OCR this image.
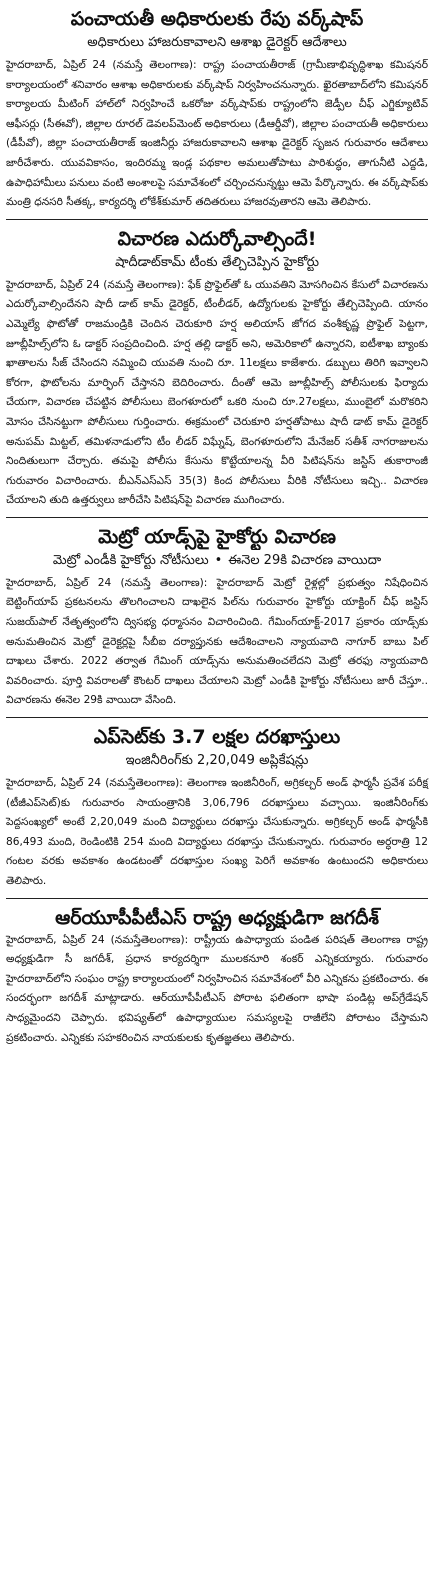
పంచాయతీ అధికారులకు రేపు వర్క్‌షాప్
అధికారులు హాజరుకావాలని ఆశాఖ డైరెక్టర్ ఆదేశాలు

హైదరాబాద్, ఏప్రిల్ 24 (నమస్తే తెలంగాణ): రాష్ట్ర పంచాయతీరాజ్ (గ్రామీణాభివృద్ధిశాఖ కమిషనర్ కార్యాలయంలో శనివారం ఆశాఖ అధికారులకు వర్క్‌షాప్ నిర్వహించనున్నారు. ఖైరతాబాద్‌లోని కమిషనర్ కార్యాలయ మీటింగ్ హాల్‌లో నిర్వహించే ఒకరోజు వర్క్‌షాప్‌కు రాష్ట్రంలోని జెడ్పీల చీఫ్ ఎగ్జిక్యూటివ్ ఆఫీసర్లు (సీఈవో), జిల్లాల రూరల్ డెవలప్‌మెంట్ అధికారులు (డీఆర్డీవో), జిల్లాల పంచాయతీ అధికారులు (డీపీవో), జిల్లా పంచాయతీరాజ్ ఇంజినీర్లు హాజరుకావాలని ఆశాఖ డైరెక్టర్ సృజన గురువారం ఆదేశాలు జారీచేశారు. యువవికాసం, ఇందిరమ్మ ఇండ్ల పథకాల అమలుతోపాటు పారిశుద్ధం, తాగునీటి ఎద్దడి, ఉపాధిహామీలు పనులు వంటి అంశాలపై సమావేశంలో చర్చించనున్నట్టు ఆమె పేర్కొన్నారు. ఈ వర్క్‌షాప్‌కు మంత్రి ధనసరి సీతక్క, కార్యదర్శి లోకేశ్‌కుమార్ తదితరులు హాజరవుతారని ఆమె తెలిపారు.

విచారణ ఎదుర్కోవాల్సిందే!
షాదీడాట్‌కామ్ టీంకు తేల్చిచెప్పిన హైకోర్టు

హైదరాబాద్, ఏప్రిల్ 24 (నమస్తే తెలంగాణ): ఫేక్ ప్రొఫైల్‌తో ఓ యువతిని మోసగించిన కేసులో విచారణను ఎదుర్కోవాల్సిందేనని షాదీ డాట్ కామ్ డైరెక్టర్, టీంలీడర్, ఉద్యోగులకు హైకోర్టు తేల్చిచెప్పింది. యానం ఎమ్మెల్యే ఫొటోతో రాజమండ్రికి చెందిన చెరుకూరి హర్ష అలియాస్ జోగద వంశీకృష్ణ ప్రొఫైల్ పెట్టగా, జూబ్లీహిల్స్‌లోని ఓ డాక్టర్ సంప్రదించింది. హర్ష తల్లి డాక్టర్ అని, అమెరికాలో ఉన్నారని, ఐటీశాఖ బ్యాంకు ఖాతాలను సీజ్ చేసిందని నమ్మించి యువతి నుంచి రూ. 11లక్షలు కాజేశారు. డబ్బులు తిరిగి ఇవ్వాలని కోరగా, ఫొటోలను మార్ఫింగ్ చేస్తానని బెదిరించారు. దీంతో ఆమె జూబ్లీహిల్స్ పోలీసులకు ఫిర్యాదు చేయగా, విచారణ చేపట్టిన పోలీసులు బెంగళూరులో ఒకరి నుంచి రూ.27లక్షలు, ముంబైలో మరొకరిని మోసం చేసినట్టుగా పోలీసులు గుర్తించారు. ఈక్రమంలో చెరుకూరి హర్షతోపాటు షాదీ డాట్ కామ్ డైరెక్టర్ అనుపమ్ మిట్టల్, తమిళనాడులోని టీం లీడర్ విఘ్నేష్, బెంగళూరులోని మేనేజర్ సతీశ్ నాగరాజులను నిందితులుగా చేర్చారు. తమపై పోలీసు కేసును కొట్టేయాలన్న వీరి పిటిషన్‌ను జస్టిస్ తుకారాంజీ గురువారం విచారించారు. బీఎన్ఎస్ఎస్ 35(3) కింద పోలీసులు వీరికి నోటీసులు ఇచ్చి.. విచారణ చేయాలని తుది ఉత్తర్వులు జారీచేసి పిటిషన్‌పై విచారణ ముగించారు.

మెట్రో యాడ్స్‌పై హైకోర్టు విచారణ
మెట్రో ఎండీకి హైకోర్టు నోటీసులు • ఈనెల 29కి విచారణ వాయిదా

హైదరాబాద్, ఏప్రిల్ 24 (నమస్తే తెలంగాణ): హైదరాబాద్ మెట్రో రైళ్లల్లో ప్రభుత్వం నిషేధించిన బెట్టింగ్‌యాప్ ప్రకటనలను తొలగించాలని దాఖలైన పిల్‌ను గురువారం హైకోర్టు యాక్టింగ్ చీఫ్ జస్టిస్ సుజయ్‌పాల్ నేతృత్వంలోని ద్విసభ్య ధర్మాసనం విచారించింది. గేమింగ్‌యాక్ట్-2017 ప్రకారం యాడ్స్‌కు అనుమతించిన మెట్రో డైరెక్టర్లపై సీబీఐ దర్యాప్తునకు ఆదేశించాలని న్యాయవాది నాగూర్ బాబు పిల్ దాఖలు చేశారు. 2022 తర్వాత గేమింగ్ యాడ్స్‌ను అనుమతించలేదని మెట్రో తరఫు న్యాయవాది వివరించారు. పూర్తి వివరాలతో కౌంటర్ దాఖలు చేయాలని మెట్రో ఎండీకి హైకోర్టు నోటీసులు జారీ చేస్తూ.. విచారణను ఈనెల 29కి వాయిదా వేసింది.

ఎప్‌సెట్‌కు 3.7 లక్షల దరఖాస్తులు
ఇంజినీరింగ్‌కు 2,20,049 అప్లికేషన్లు

హైదరాబాద్, ఏప్రిల్ 24 (నమస్తేతెలంగాణ): తెలంగాణ ఇంజినీరింగ్, అగ్రికల్చర్ అండ్ ఫార్మసీ ప్రవేశ పరీక్ష (టీజీఎప్‌సెట్)కు గురువారం సాయంత్రానికి 3,06,796 దరఖాస్తులు వచ్చాయి. ఇంజినీరింగ్‌కు పెద్దసంఖ్యలో అంటే 2,20,049 మంది విద్యార్థులు దరఖాస్తు చేసుకున్నారు. అగ్రికల్చర్ అండ్ ఫార్మసీకి 86,493 మంది, రెండింటికి 254 మంది విద్యార్థులు దరఖాస్తు చేసుకున్నారు. గురువారం అర్ధరాత్రి 12 గంటల వరకు అవకాశం ఉండటంతో దరఖాస్తుల సంఖ్య పెరిగే అవకాశం ఉంటుందని అధికారులు తెలిపారు.

ఆర్‌యూపీపీటీఎస్ రాష్ట్ర అధ్యక్షుడిగా జగదీశ్

హైదరాబాద్, ఏప్రిల్ 24 (నమస్తేతెలంగాణ): రాష్ట్రీయ ఉపాధ్యాయ పండిత పరిషత్ తెలంగాణ రాష్ట్ర అధ్యక్షుడిగా సీ జగదీశ్, ప్రధాన కార్యదర్శిగా ములకనూరి శంకర్ ఎన్నికయ్యారు. గురువారం హైదరాబాద్‌లోని సంఘం రాష్ట్ర కార్యాలయంలో నిర్వహించిన సమావేశంలో వీరి ఎన్నికను ప్రకటించారు. ఈ సందర్భంగా జగదీశ్ మాట్లాడారు. ఆర్‌యూపీపీటీఎస్ పోరాట ఫలితంగా భాషా పండిట్ల అప్‌గ్రేడేషన్ సాధ్యమైందని చెప్పారు. భవిష్యత్‌లో ఉపాధ్యాయుల సమస్యలపై రాజీలేని పోరాటం చేస్తామని ప్రకటించారు. ఎన్నికకు సహకరించిన నాయకులకు కృతజ్ఞతలు తెలిపారు.
